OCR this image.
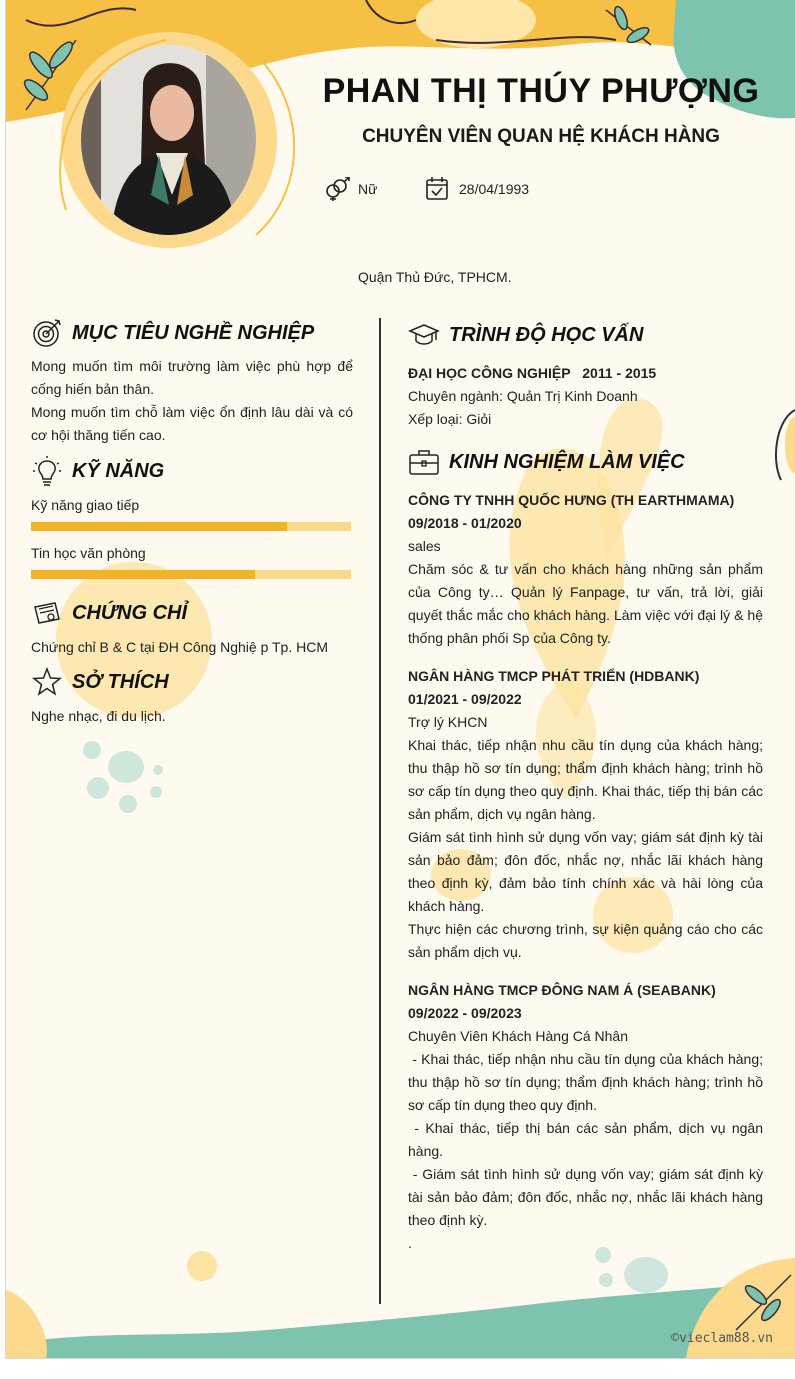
PHAN THỊ THÚY PHƯỢNG
CHUYÊN VIÊN QUAN HỆ KHÁCH HÀNG
Nữ	28/04/1993
Quận Thủ Đức, TPHCM.
MỤC TIÊU NGHỀ NGHIỆP

Mong muốn tìm môi trường làm việc phù hợp để cống hiến bản thân.

Mong muốn tìm chỗ làm việc ổn định lâu dài và có cơ hội thăng tiến cao.

KỸ NĂNG
Kỹ năng giao tiếp
Tin học văn phòng
CHỨNG CHỈ
Chứng chỉ B & C tại ĐH Công Nghiệ p Tp. HCM
SỞ THÍCH
Nghe nhạc, đi du lịch.
TRÌNH ĐỘ HỌC VẤN
ĐẠI HỌC CÔNG NGHIỆP 2011 - 2015
Chuyên ngành: Quản Trị Kinh Doanh
Xếp loại: Giỏi
KINH NGHIỆM LÀM VIỆC
CÔNG TY TNHH QUỐC HƯNG (TH EARTHMAMA)
09/2018 - 01/2020
sales
Chăm sóc & tư vấn cho khách hàng những sản phẩm của Công ty… Quản lý Fanpage, tư vấn, trả lời, giải quyết thắc mắc cho khách hàng. Làm việc với đại lý & hệ thống phân phối Sp của Công ty.
NGÂN HÀNG TMCP PHÁT TRIỂN (HDBANK)
01/2021 - 09/2022
Trợ lý KHCN
Khai thác, tiếp nhận nhu cầu tín dụng của khách hàng; thu thập hồ sơ tín dụng; thẩm định khách hàng; trình hồ sơ cấp tín dụng theo quy định. Khai thác, tiếp thị bán các sản phẩm, dịch vụ ngân hàng.
Giám sát tình hình sử dụng vốn vay; giám sát định kỳ tài sản bảo đảm; đôn đốc, nhắc nợ, nhắc lãi khách hàng theo định kỳ, đảm bảo tính chính xác và hài lòng của khách hàng.
Thực hiện các chương trình, sự kiện quảng cáo cho các sản phẩm dịch vụ.
NGÂN HÀNG TMCP ĐÔNG NAM Á (SEABANK)
09/2022 - 09/2023
Chuyên Viên Khách Hàng Cá Nhân
- Khai thác, tiếp nhận nhu cầu tín dụng của khách hàng; thu thập hồ sơ tín dụng; thẩm định khách hàng; trình hồ sơ cấp tín dụng theo quy định.
- Khai thác, tiếp thị bán các sản phẩm, dịch vụ ngân hàng.
- Giám sát tình hình sử dụng vốn vay; giám sát định kỳ tài sản bảo đảm; đôn đốc, nhắc nợ, nhắc lãi khách hàng theo định kỳ.
.
©vieclam88.vn
